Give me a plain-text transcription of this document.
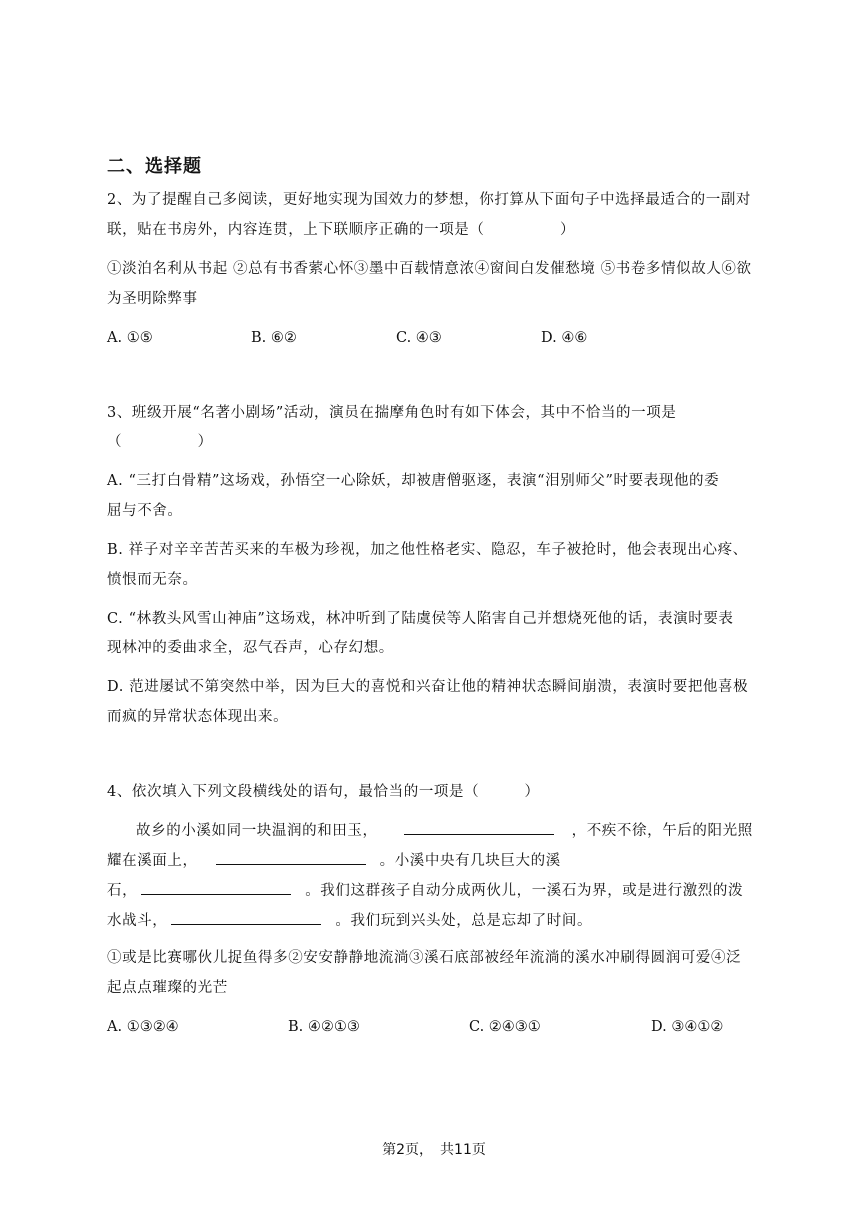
二、选择题
2、为了提醒自己多阅读，更好地实现为国效力的梦想，你打算从下面句子中选择最适合的一副对
联，贴在书房外，内容连贯，上下联顺序正确的一项是（　　　　　）
①淡泊名利从书起 ②总有书香萦心怀③墨中百载情意浓④窗间白发催愁境 ⑤书卷多情似故人⑥欲
为圣明除弊事
A. ①⑤	B. ⑥②	C. ④③	D. ④⑥
3、班级开展“名著小剧场”活动，演员在揣摩角色时有如下体会，其中不恰当的一项是
（　　　　　）
A. “三打白骨精”这场戏，孙悟空一心除妖，却被唐僧驱逐，表演“泪别师父”时要表现他的委
屈与不舍。
B. 祥子对辛辛苦苦买来的车极为珍视，加之他性格老实、隐忍，车子被抢时，他会表现出心疼、
愤恨而无奈。
C. “林教头风雪山神庙”这场戏，林冲听到了陆虞侯等人陷害自己并想烧死他的话，表演时要表
现林冲的委曲求全，忍气吞声，心存幻想。
D. 范进屡试不第突然中举，因为巨大的喜悦和兴奋让他的精神状态瞬间崩溃，表演时要把他喜极
而疯的异常状态体现出来。
4、依次填入下列文段横线处的语句，最恰当的一项是（　　　）
故乡的小溪如同一块温润的和田玉，	，不疾不徐，午后的阳光照
耀在溪面上，	。小溪中央有几块巨大的溪
石，	。我们这群孩子自动分成两伙儿，一溪石为界，或是进行激烈的泼
水战斗，	。我们玩到兴头处，总是忘却了时间。
①或是比赛哪伙儿捉鱼得多②安安静静地流淌③溪石底部被经年流淌的溪水冲刷得圆润可爱④泛
起点点璀璨的光芒
A. ①③②④	B. ④②①③	C. ②④③①	D. ③④①②
第2页，　共11页
